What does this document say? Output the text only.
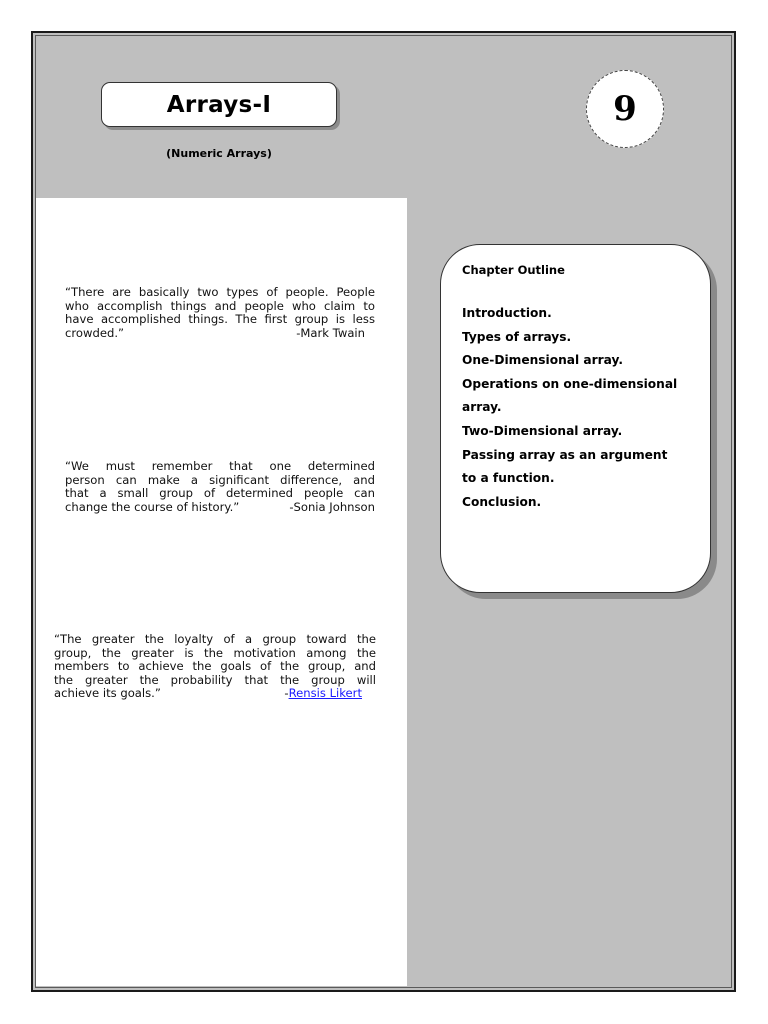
Arrays-I
(Numeric Arrays)
9

“There are basically two types of people. People
who accomplish things and people who claim to
have accomplished things. The first group is less
crowded.”	-Mark Twain

“We must remember that one determined
person can make a significant difference, and
that a small group of determined people can
change the course of history.”	-Sonia Johnson

“The greater the loyalty of a group toward the
group, the greater is the motivation among the
members to achieve the goals of the group, and
the greater the probability that the group will
achieve its goals.”	-Rensis Likert

Chapter Outline
Introduction.
Types of arrays.
One-Dimensional array.
Operations on one-dimensional
array.
Two-Dimensional array.
Passing array as an argument
to a function.
Conclusion.
